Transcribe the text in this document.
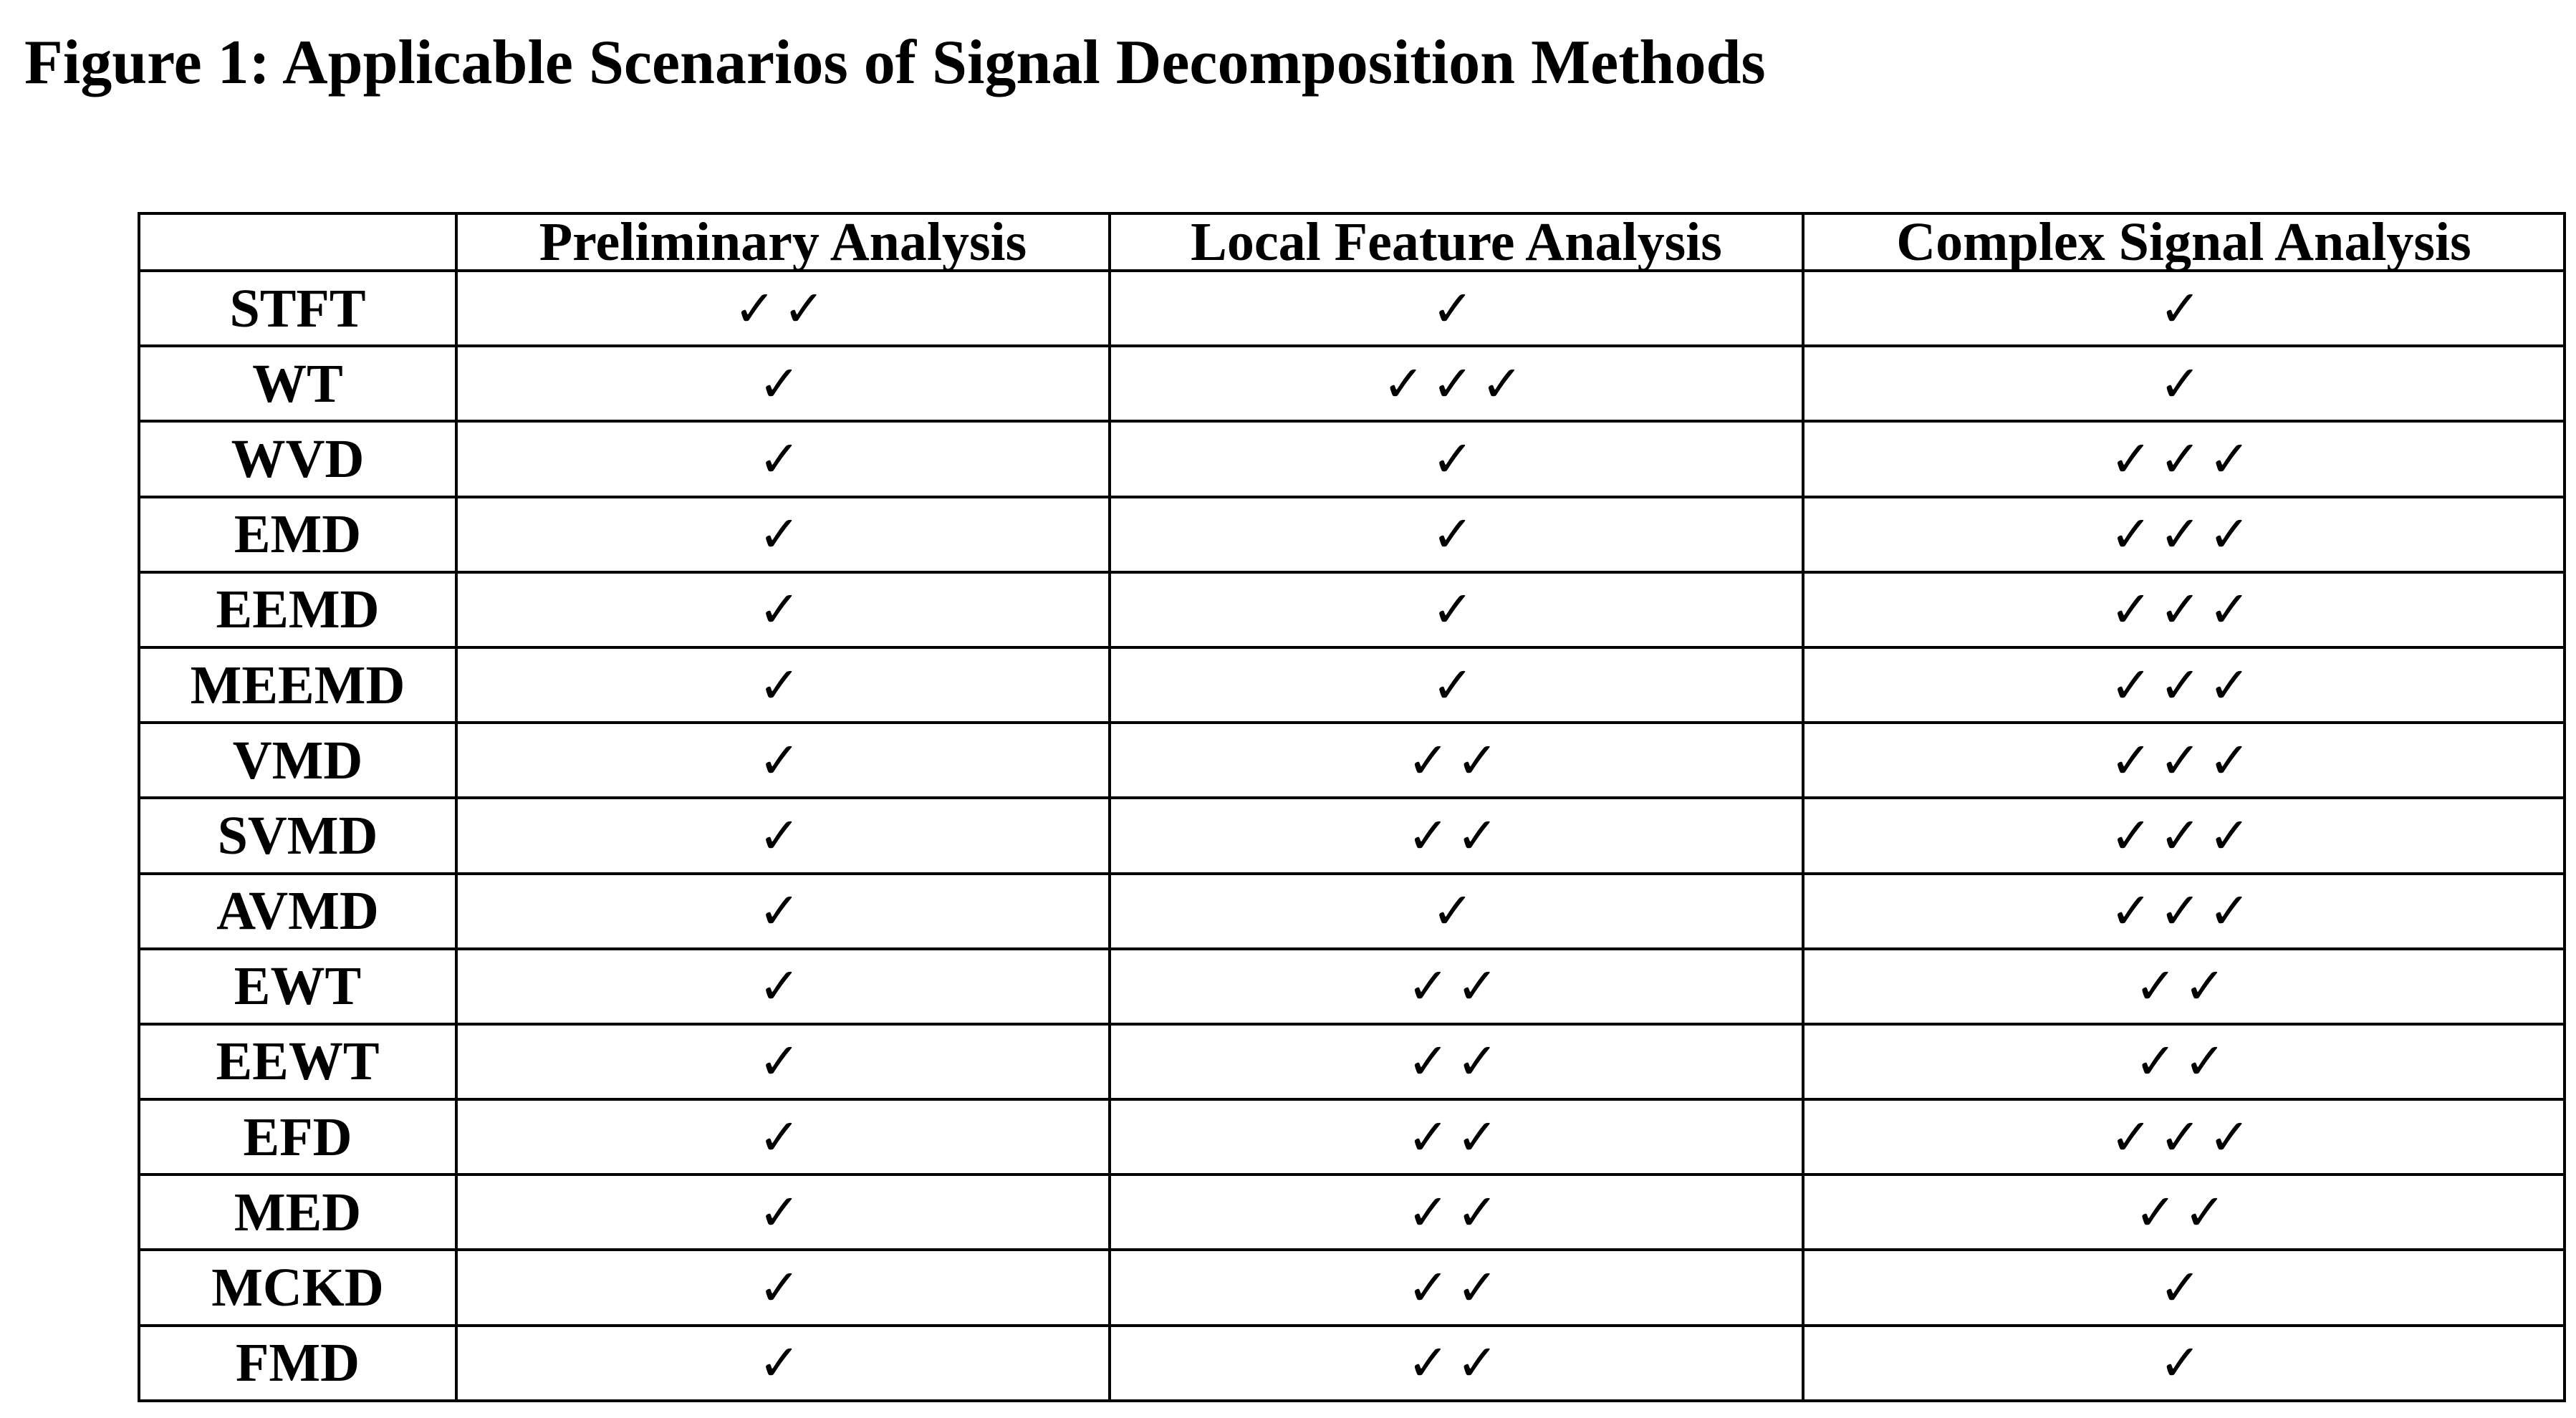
Figure 1: Applicable Scenarios of Signal Decomposition Methods
	Preliminary Analysis	Local Feature Analysis	Complex Signal Analysis
STFT	✓✓	✓	✓
WT	✓	✓✓✓	✓
WVD	✓	✓	✓✓✓
EMD	✓	✓	✓✓✓
EEMD	✓	✓	✓✓✓
MEEMD	✓	✓	✓✓✓
VMD	✓	✓✓	✓✓✓
SVMD	✓	✓✓	✓✓✓
AVMD	✓	✓	✓✓✓
EWT	✓	✓✓	✓✓
EEWT	✓	✓✓	✓✓
EFD	✓	✓✓	✓✓✓
MED	✓	✓✓	✓✓
MCKD	✓	✓✓	✓
FMD	✓	✓✓	✓
